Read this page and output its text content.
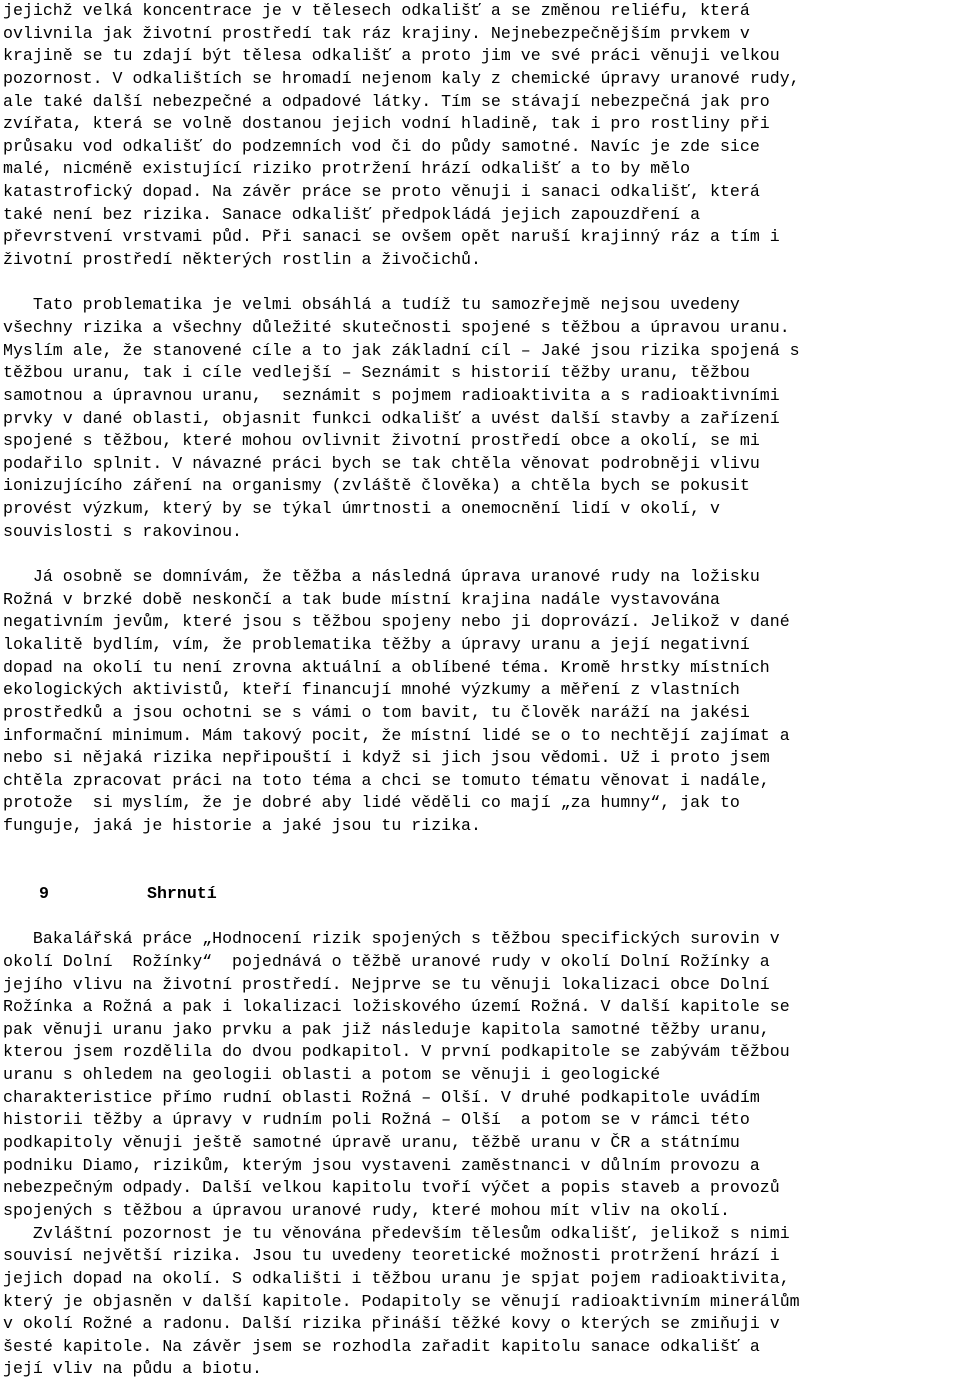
jejichž velká koncentrace je v tělesech odkališť a se změnou reliéfu, která
ovlivnila jak životní prostředí tak ráz krajiny. Nejnebezpečnějším prvkem v
krajině se tu zdají být tělesa odkališť a proto jim ve své práci věnuji velkou
pozornost. V odkalištích se hromadí nejenom kaly z chemické úpravy uranové rudy,
ale také další nebezpečné a odpadové látky. Tím se stávají nebezpečná jak pro
zvířata, která se volně dostanou jejich vodní hladině, tak i pro rostliny při
průsaku vod odkališť do podzemních vod či do půdy samotné. Navíc je zde sice
malé, nicméně existující riziko protržení hrází odkališť a to by mělo
katastrofický dopad. Na závěr práce se proto věnuji i sanaci odkališť, která
také není bez rizika. Sanace odkališť předpokládá jejich zapouzdření a
převrstvení vrstvami půd. Při sanaci se ovšem opět naruší krajinný ráz a tím i
životní prostředí některých rostlin a živočichů.
Tato problematika je velmi obsáhlá a tudíž tu samozřejmě nejsou uvedeny
všechny rizika a všechny důležité skutečnosti spojené s těžbou a úpravou uranu.
Myslím ale, že stanovené cíle a to jak základní cíl – Jaké jsou rizika spojená s
těžbou uranu, tak i cíle vedlejší – Seznámit s historií těžby uranu, těžbou
samotnou a úpravnou uranu,  seznámit s pojmem radioaktivita a s radioaktivními
prvky v dané oblasti, objasnit funkci odkališť a uvést další stavby a zařízení
spojené s těžbou, které mohou ovlivnit životní prostředí obce a okolí, se mi
podařilo splnit. V návazné práci bych se tak chtěla věnovat podrobněji vlivu
ionizujícího záření na organismy (zvláště člověka) a chtěla bych se pokusit
provést výzkum, který by se týkal úmrtnosti a onemocnění lidí v okolí, v
souvislosti s rakovinou.
Já osobně se domnívám, že těžba a následná úprava uranové rudy na ložisku
Rožná v brzké době neskončí a tak bude místní krajina nadále vystavována
negativním jevům, které jsou s těžbou spojeny nebo ji doprovází. Jelikož v dané
lokalitě bydlím, vím, že problematika těžby a úpravy uranu a její negativní
dopad na okolí tu není zrovna aktuální a oblíbené téma. Kromě hrstky místních
ekologických aktivistů, kteří financují mnohé výzkumy a měření z vlastních
prostředků a jsou ochotni se s vámi o tom bavit, tu člověk naráží na jakési
informační minimum. Mám takový pocit, že místní lidé se o to nechtějí zajímat a
nebo si nějaká rizika nepřipouští i když si jich jsou vědomi. Už i proto jsem
chtěla zpracovat práci na toto téma a chci se tomuto tématu věnovat i nadále,
protože  si myslím, že je dobré aby lidé věděli co mají „za humny“, jak to
funguje, jaká je historie a jaké jsou tu rizika.
9	Shrnutí
Bakalářská práce „Hodnocení rizik spojených s těžbou specifických surovin v
okolí Dolní  Rožínky“  pojednává o těžbě uranové rudy v okolí Dolní Rožínky a
jejího vlivu na životní prostředí. Nejprve se tu věnuji lokalizaci obce Dolní
Rožínka a Rožná a pak i lokalizaci ložiskového území Rožná. V další kapitole se
pak věnuji uranu jako prvku a pak již následuje kapitola samotné těžby uranu,
kterou jsem rozdělila do dvou podkapitol. V první podkapitole se zabývám těžbou
uranu s ohledem na geologii oblasti a potom se věnuji i geologické
charakteristice přímo rudní oblasti Rožná – Olší. V druhé podkapitole uvádím
historii těžby a úpravy v rudním poli Rožná – Olší  a potom se v rámci této
podkapitoly věnuji ještě samotné úpravě uranu, těžbě uranu v ČR a státnímu
podniku Diamo, rizikům, kterým jsou vystaveni zaměstnanci v důlním provozu a
nebezpečným odpady. Další velkou kapitolu tvoří výčet a popis staveb a provozů
spojených s těžbou a úpravou uranové rudy, které mohou mít vliv na okolí.
Zvláštní pozornost je tu věnována především tělesům odkališť, jelikož s nimi
souvisí největší rizika. Jsou tu uvedeny teoretické možnosti protržení hrází i
jejich dopad na okolí. S odkališti i těžbou uranu je spjat pojem radioaktivita,
který je objasněn v další kapitole. Podapitoly se věnují radioaktivním minerálům
v okolí Rožné a radonu. Další rizika přináší těžké kovy o kterých se zmiňuji v
šesté kapitole. Na závěr jsem se rozhodla zařadit kapitolu sanace odkališť a
její vliv na půdu a biotu.
